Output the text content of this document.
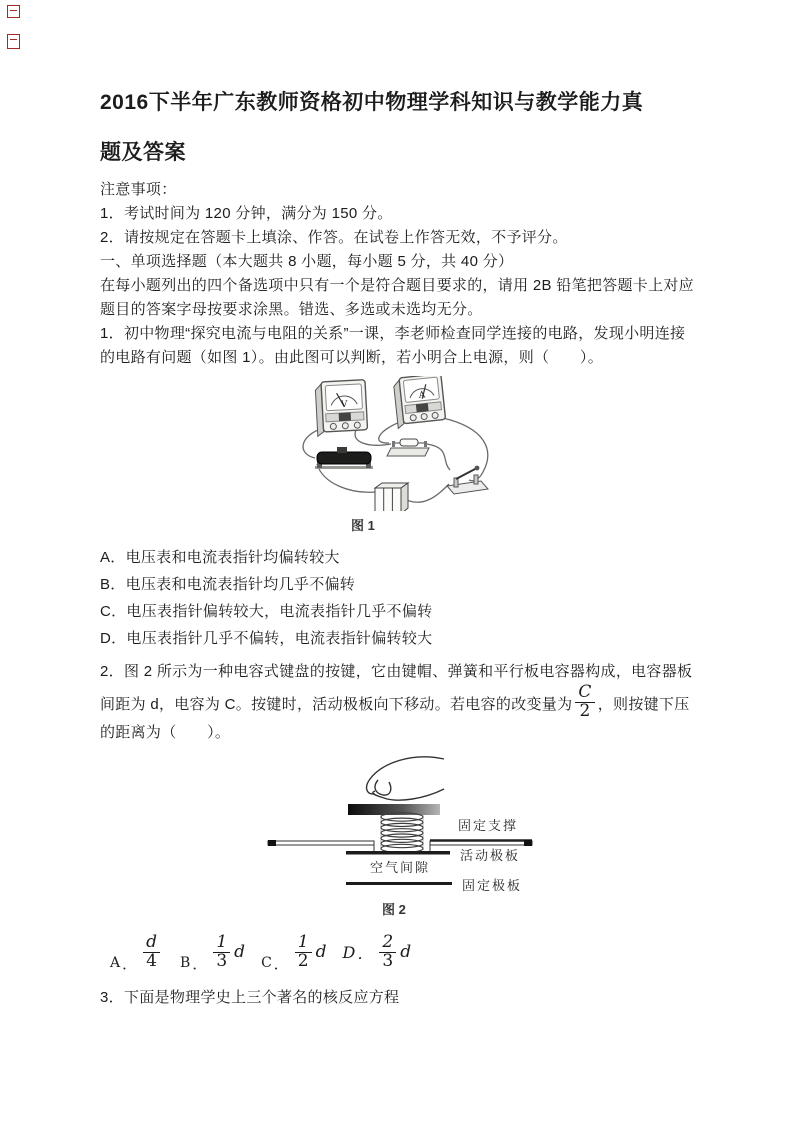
2016下半年广东教师资格初中物理学科知识与教学能力真
题及答案
注意事项：
1．考试时间为 120 分钟，满分为 150 分。
2．请按规定在答题卡上填涂、作答。在试卷上作答无效，不予评分。
一、单项选择题（本大题共 8 小题，每小题 5 分，共 40 分）
在每小题列出的四个备选项中只有一个是符合题目要求的，请用 2B 铅笔把答题卡上对应题目的答案字母按要求涂黑。错选、多选或未选均无分。
1．初中物理“探究电流与电阻的关系”一课，李老师检查同学连接的电路，发现小明连接的电路有问题（如图 1）。由此图可以判断，若小明合上电源，则（　　）。
V
A
图 1
A．电压表和电流表指针均偏转较大
B．电压表和电流表指针均几乎不偏转
C．电压表指针偏转较大，电流表指针几乎不偏转
D．电压表指针几乎不偏转，电流表指针偏转较大
2．图 2 所示为一种电容式键盘的按键，它由键帽、弹簧和平行板电容器构成，电容器板间距为 d，电容为 C。按键时，活动极板向下移动。若电容的改变量为 $\frac{C}{2}$ ，则按键下压的距离为（　　）。
固定支撑
活动极板
空气间隙
固定极板
图 2
A ． $\frac{d}{4}$ B ． $\frac{1}{3}$ d
C ． $\frac{1}{2}$ d D ． $\frac{2}{3}$ d
3．下面是物理学史上三个著名的核反应方程
